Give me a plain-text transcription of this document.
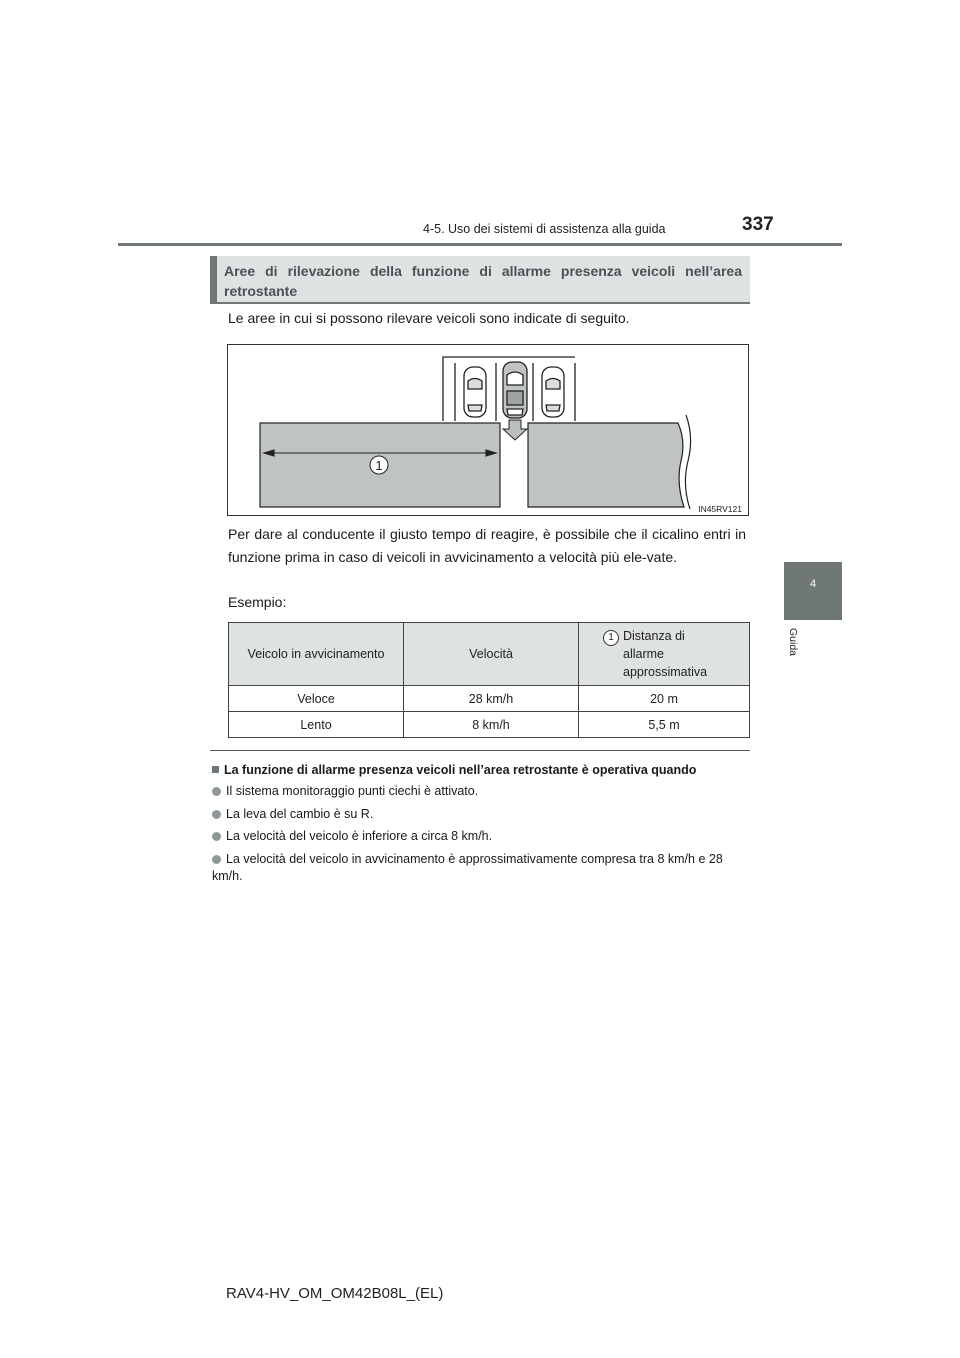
4-5. Uso dei sistemi di assistenza alla guida	337
4
Guida
Aree di rilevazione della funzione di allarme presenza veicoli nell’area retrostante
Le aree in cui si possono rilevare veicoli sono indicate di seguito.
1
IN45RV121
Per dare al conducente il giusto tempo di reagire, è possibile che il cicalino entri in funzione prima in caso di veicoli in avvicinamento a velocità più ele-vate.
Esempio:
Veicolo in avvicinamento	Velocità	1 Distanza di
allarme
approssimativa

Veloce	28 km/h	20 m
Lento	8 km/h	5,5 m
La funzione di allarme presenza veicoli nell’area retrostante è operativa quando
Il sistema monitoraggio punti ciechi è attivato.
La leva del cambio è su R.
La velocità del veicolo è inferiore a circa 8 km/h.
La velocità del veicolo in avvicinamento è approssimativamente compresa tra 8 km/h e 28 km/h.
RAV4-HV_OM_OM42B08L_(EL)
